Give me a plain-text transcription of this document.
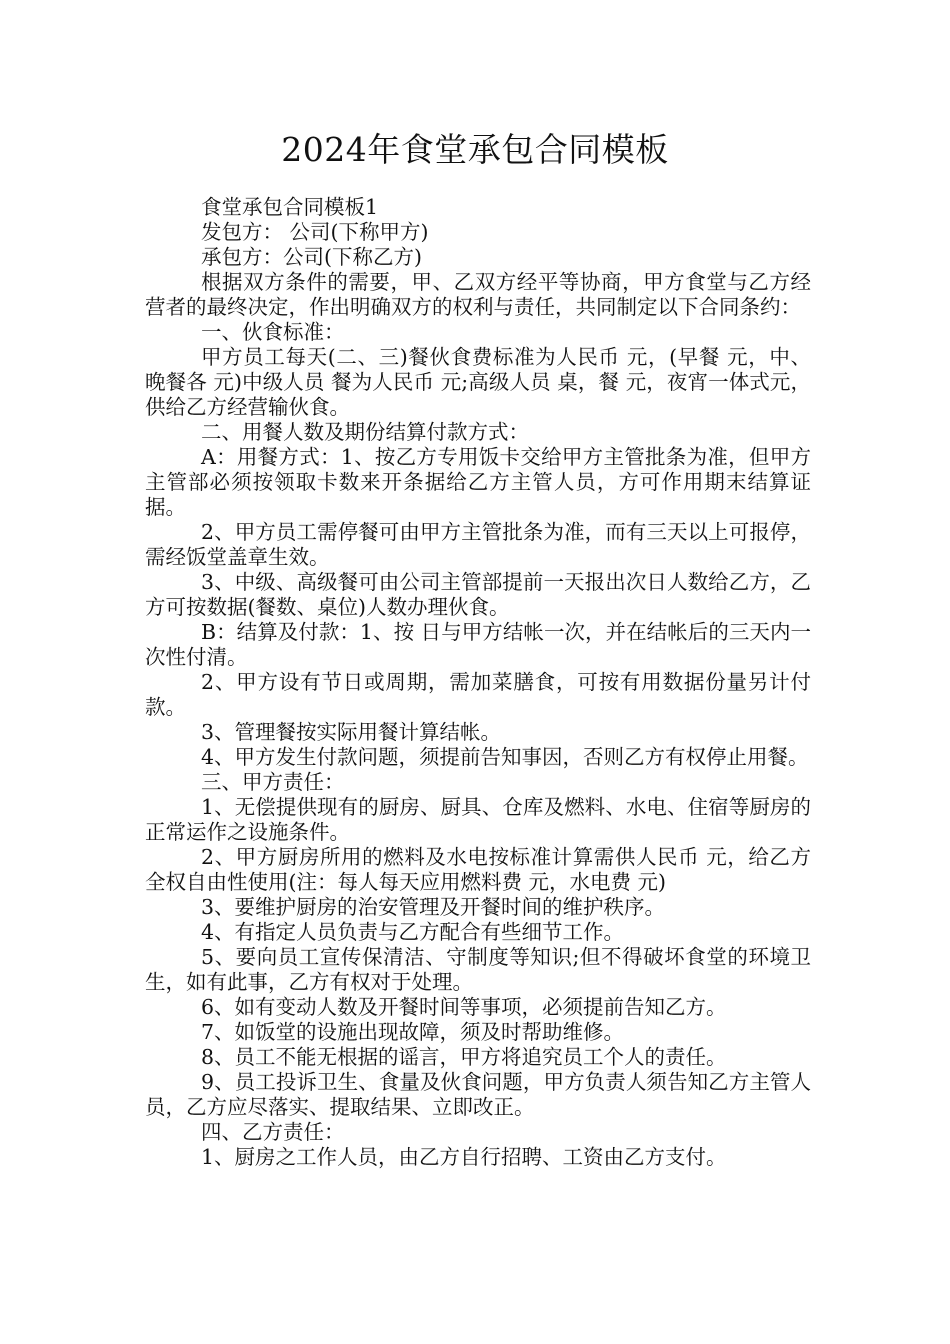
2024年食堂承包合同模板

食堂承包合同模板1

发包方： 公司(下称甲方)

承包方：公司(下称乙方)

根据双方条件的需要，甲、乙双方经平等协商，甲方食堂与乙方经营者的最终决定，作出明确双方的权利与责任，共同制定以下合同条约：

一、伙食标准：

甲方员工每天(二、三)餐伙食费标准为人民币 元，(早餐 元，中、晚餐各 元)中级人员 餐为人民币 元;高级人员 桌，餐 元，夜宵一体式元，供给乙方经营输伙食。

二、用餐人数及期份结算付款方式：

A：用餐方式：1、按乙方专用饭卡交给甲方主管批条为准，但甲方主管部必须按领取卡数来开条据给乙方主管人员，方可作用期末结算证据。

2、甲方员工需停餐可由甲方主管批条为准，而有三天以上可报停，需经饭堂盖章生效。

3、中级、高级餐可由公司主管部提前一天报出次日人数给乙方，乙方可按数据(餐数、桌位)人数办理伙食。

B：结算及付款：1、按 日与甲方结帐一次，并在结帐后的三天内一次性付清。

2、甲方设有节日或周期，需加菜膳食，可按有用数据份量另计付款。

3、管理餐按实际用餐计算结帐。

4、甲方发生付款问题，须提前告知事因，否则乙方有权停止用餐。

三、甲方责任：

1、无偿提供现有的厨房、厨具、仓库及燃料、水电、住宿等厨房的正常运作之设施条件。

2、甲方厨房所用的燃料及水电按标准计算需供人民币 元，给乙方全权自由性使用(注：每人每天应用燃料费 元，水电费 元)

3、要维护厨房的治安管理及开餐时间的维护秩序。

4、有指定人员负责与乙方配合有些细节工作。

5、要向员工宣传保清洁、守制度等知识;但不得破坏食堂的环境卫生，如有此事，乙方有权对于处理。

6、如有变动人数及开餐时间等事项，必须提前告知乙方。

7、如饭堂的设施出现故障，须及时帮助维修。

8、员工不能无根据的谣言，甲方将追究员工个人的责任。

9、员工投诉卫生、食量及伙食问题，甲方负责人须告知乙方主管人员，乙方应尽落实、提取结果、立即改正。

四、乙方责任：

1、厨房之工作人员，由乙方自行招聘、工资由乙方支付。
